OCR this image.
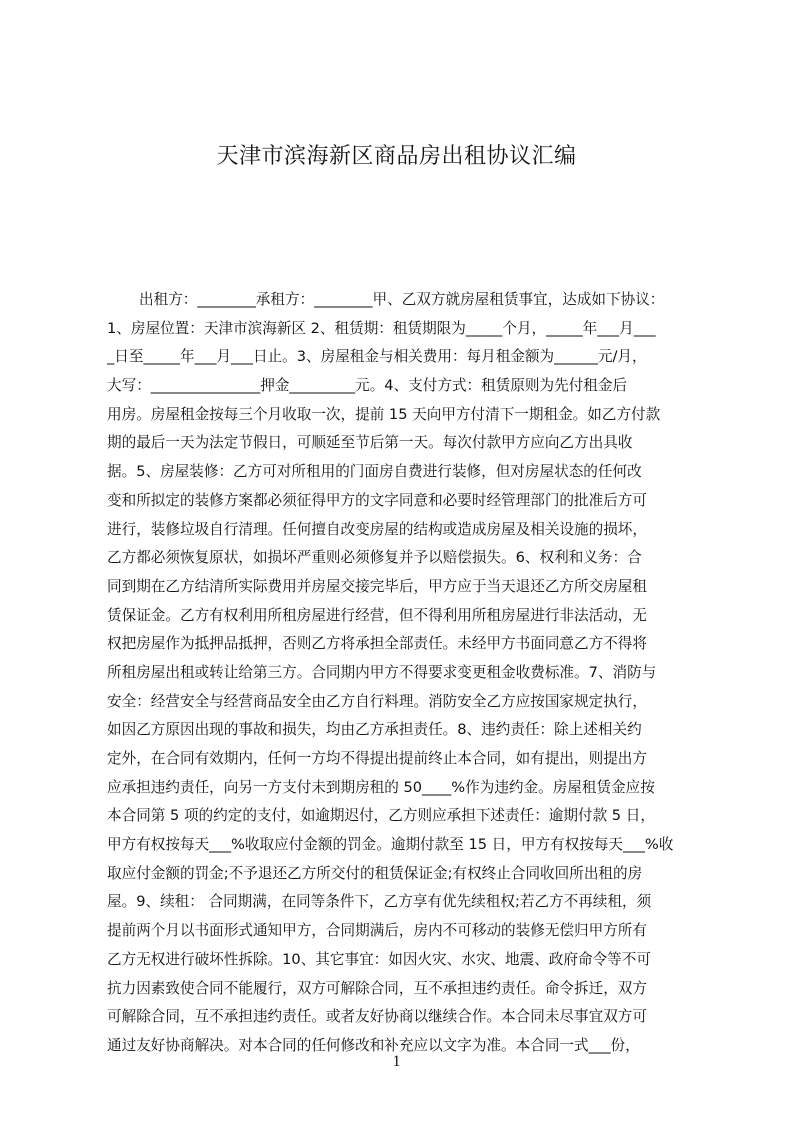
天津市滨海新区商品房出租协议汇编
出租方：________承租方：________甲、乙双方就房屋租赁事宜，达成如下协议：
1、房屋位置：天津市滨海新区 2、租赁期：租赁期限为_____个月，_____年___月___
_日至_____年___月___日止。3、房屋租金与相关费用：每月租金额为______元/月，
大写：_______________押金_________元。4、支付方式：租赁原则为先付租金后
用房。房屋租金按每三个月收取一次，提前 15 天向甲方付清下一期租金。如乙方付款
期的最后一天为法定节假日，可顺延至节后第一天。每次付款甲方应向乙方出具收
据。5、房屋装修：乙方可对所租用的门面房自费进行装修，但对房屋状态的任何改
变和所拟定的装修方案都必须征得甲方的文字同意和必要时经管理部门的批准后方可
进行，装修垃圾自行清理。任何擅自改变房屋的结构或造成房屋及相关设施的损坏，
乙方都必须恢复原状，如损坏严重则必须修复并予以赔偿损失。6、权利和义务：合
同到期在乙方结清所实际费用并房屋交接完毕后，甲方应于当天退还乙方所交房屋租
赁保证金。乙方有权利用所租房屋进行经营，但不得利用所租房屋进行非法活动，无
权把房屋作为抵押品抵押，否则乙方将承担全部责任。未经甲方书面同意乙方不得将
所租房屋出租或转让给第三方。合同期内甲方不得要求变更租金收费标准。7、消防与
安全：经营安全与经营商品安全由乙方自行料理。消防安全乙方应按国家规定执行，
如因乙方原因出现的事故和损失，均由乙方承担责任。8、违约责任：除上述相关约
定外，在合同有效期内，任何一方均不得提出提前终止本合同，如有提出，则提出方
应承担违约责任，向另一方支付未到期房租的 50____%作为违约金。房屋租赁金应按
本合同第 5 项的约定的支付，如逾期迟付，乙方则应承担下述责任：逾期付款 5 日，
甲方有权按每天___%收取应付金额的罚金。逾期付款至 15 日，甲方有权按每天___%收
取应付金额的罚金;不予退还乙方所交付的租赁保证金;有权终止合同收回所出租的房
屋。9、续租： 合同期满，在同等条件下，乙方享有优先续租权;若乙方不再续租，须
提前两个月以书面形式通知甲方，合同期满后，房内不可移动的装修无偿归甲方所有
乙方无权进行破坏性拆除。10、其它事宜：如因火灾、水灾、地震、政府命令等不可
抗力因素致使合同不能履行，双方可解除合同，互不承担违约责任。命令拆迁，双方
可解除合同，互不承担违约责任。或者友好协商以继续合作。本合同未尽事宜双方可
通过友好协商解决。对本合同的任何修改和补充应以文字为准。本合同一式___份，
1
